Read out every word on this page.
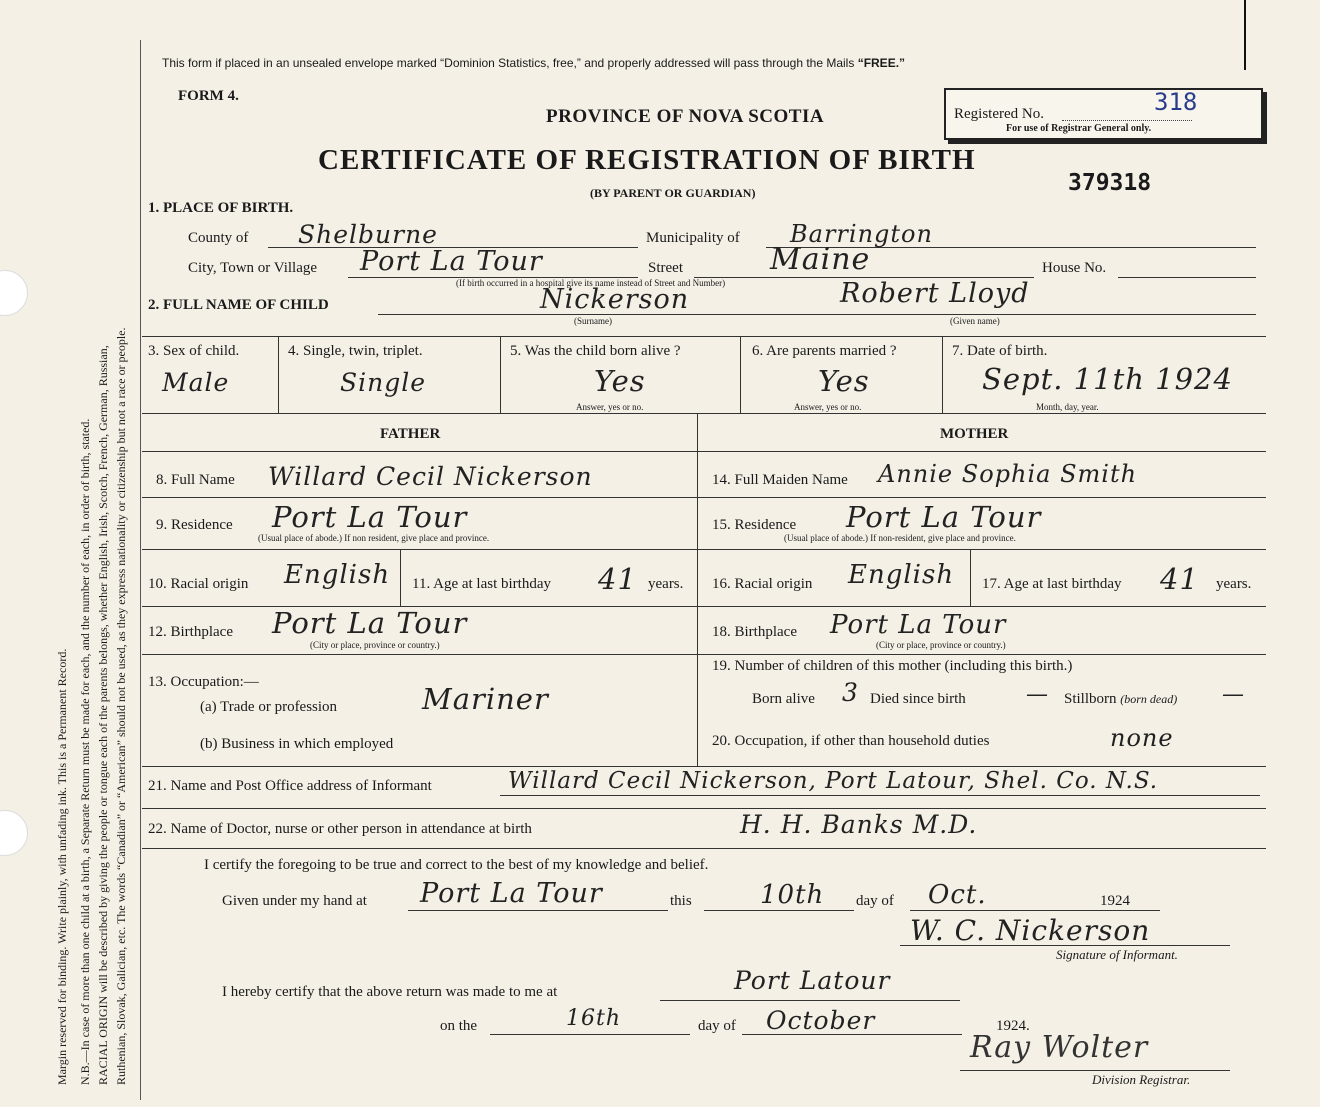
Margin reserved for binding. Write plainly, with unfading ink. This is a Permanent Record. N.B.—In case of more than one child at a birth, a Separate Return must be made for each, and the number of each, in order of birth, stated. RACIAL ORIGIN will be described by giving the people or tongue each of the parents belongs, whether English, Irish, Scotch, French, German, Russian, Ruthenian, Slovak, Galician, etc. The words “Canadian” or “American” should not be used, as they express nationality or citizenship but not a race or people.
This form if placed in an unsealed envelope marked “Dominion Statistics, free,” and properly addressed will pass through the Mails “FREE.”
FORM 4.
PROVINCE OF NOVA SCOTIA
CERTIFICATE OF REGISTRATION OF BIRTH
(BY PARENT OR GUARDIAN)
Registered No.	318
For use of Registrar General only.
379318
1. PLACE OF BIRTH.
County of Shelburne	Municipality of Barrington
City, Town or Village Port La Tour
(If birth occurred in a hospital give its name instead of Street and Number)
Street	Maine	House No.
2. FULL NAME OF CHILD	Nickerson
(Surname)
Robert Lloyd
(Given name)
3. Sex of child.
Male
4. Single, twin, triplet.
Single
5. Was the child born alive ?
Yes
Answer, yes or no.
6. Are parents married ?
Yes
Answer, yes or no.
7. Date of birth.
Sept. 11th 1924
Month, day, year.
FATHER	MOTHER
8. Full Name Willard Cecil Nickerson	14. Full Maiden Name Annie Sophia Smith
9. Residence Port La Tour
(Usual place of abode.) If non resident, give place and province.
15. Residence Port La Tour
(Usual place of abode.) If non-resident, give place and province.
10. Racial origin English 11. Age at last birthday 41 years. 16. Racial origin English 17. Age at last birthday 41 years.
12. Birthplace Port La Tour
(City or place, province or country.)
18. Birthplace Port La Tour
(City or place, province or country.)
13. Occupation:—
(a) Trade or profession	Mariner
(b) Business in which employed
19. Number of children of this mother (including this birth.)
Born alive 3 Died since birth	— Stillborn (born dead) —
20. Occupation, if other than household duties	none
21. Name and Post Office address of Informant	Willard Cecil Nickerson, Port Latour, Shel. Co. N.S.
22. Name of Doctor, nurse or other person in attendance at birth	H. H. Banks M.D.
I certify the foregoing to be true and correct to the best of my knowledge and belief.
Given under my hand at Port La Tour	this	10th day of Oct.	1924
W. C. Nickerson
Signature of Informant.
I hereby certify that the above return was made to me at	Port Latour
on the	16th	day of October	1924.
Ray Wolter
Division Registrar.
